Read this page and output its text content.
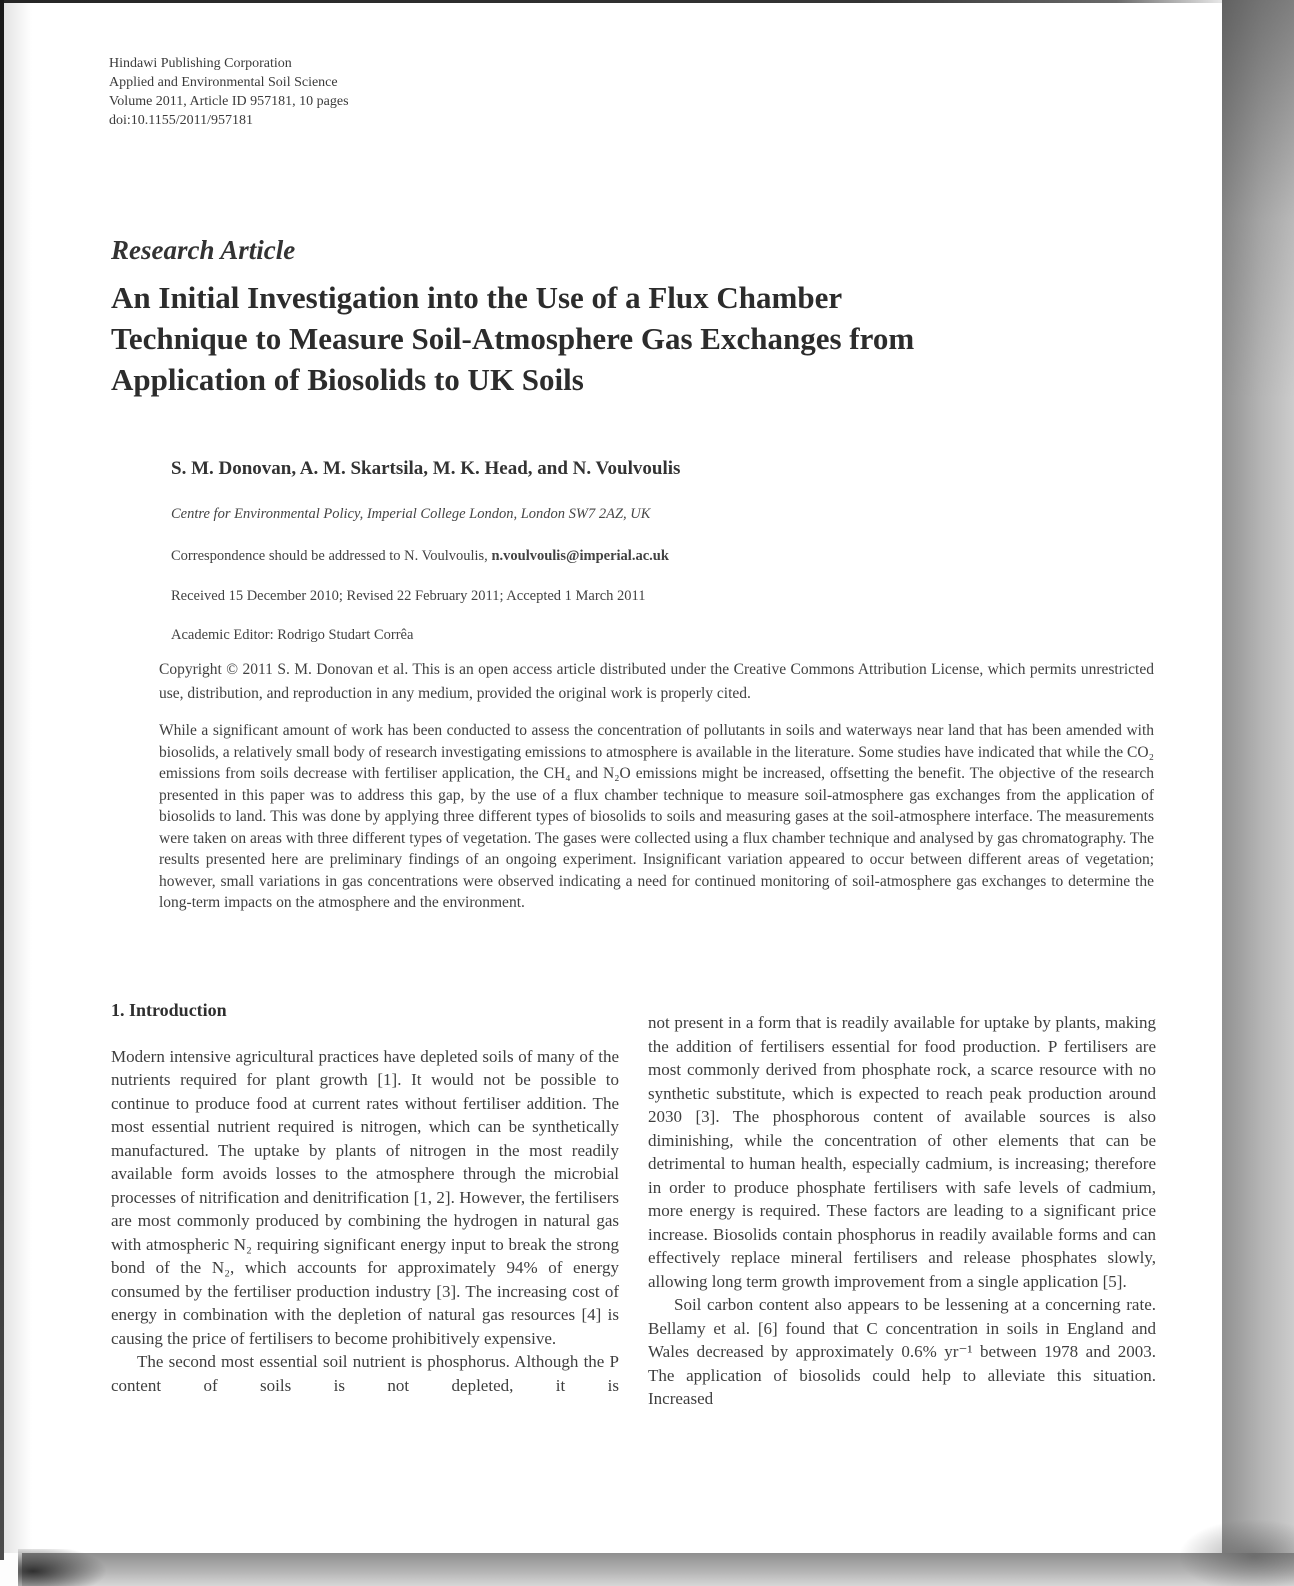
Hindawi Publishing Corporation
Applied and Environmental Soil Science
Volume 2011, Article ID 957181, 10 pages
doi:10.1155/2011/957181
Research Article
An Initial Investigation into the Use of a Flux Chamber
Technique to Measure Soil-Atmosphere Gas Exchanges from
Application of Biosolids to UK Soils
S. M. Donovan, A. M. Skartsila, M. K. Head, and N. Voulvoulis
Centre for Environmental Policy, Imperial College London, London SW7 2AZ, UK
Correspondence should be addressed to N. Voulvoulis, n.voulvoulis@imperial.ac.uk
Received 15 December 2010; Revised 22 February 2011; Accepted 1 March 2011
Academic Editor: Rodrigo Studart Corrêa
Copyright © 2011 S. M. Donovan et al. This is an open access article distributed under the Creative Commons Attribution License, which permits unrestricted use, distribution, and reproduction in any medium, provided the original work is properly cited.
While a significant amount of work has been conducted to assess the concentration of pollutants in soils and waterways near land that has been amended with biosolids, a relatively small body of research investigating emissions to atmosphere is available in the literature. Some studies have indicated that while the CO₂ emissions from soils decrease with fertiliser application, the CH₄ and N₂O emissions might be increased, offsetting the benefit. The objective of the research presented in this paper was to address this gap, by the use of a flux chamber technique to measure soil-atmosphere gas exchanges from the application of biosolids to land. This was done by applying three different types of biosolids to soils and measuring gases at the soil-atmosphere interface. The measurements were taken on areas with three different types of vegetation. The gases were collected using a flux chamber technique and analysed by gas chromatography. The results presented here are preliminary findings of an ongoing experiment. Insignificant variation appeared to occur between different areas of vegetation; however, small variations in gas concentrations were observed indicating a need for continued monitoring of soil-atmosphere gas exchanges to determine the long-term impacts on the atmosphere and the environment.
1. Introduction

Modern intensive agricultural practices have depleted soils of many of the nutrients required for plant growth [1]. It would not be possible to continue to produce food at current rates without fertiliser addition. The most essential nutrient required is nitrogen, which can be synthetically manufactured. The uptake by plants of nitrogen in the most readily available form avoids losses to the atmosphere through the microbial processes of nitrification and denitrification [1, 2]. However, the fertilisers are most commonly produced by combining the hydrogen in natural gas with atmospheric N₂ requiring significant energy input to break the strong bond of the N₂, which accounts for approximately 94% of energy consumed by the fertiliser production industry [3]. The increasing cost of energy in combination with the depletion of natural gas resources [4] is causing the price of fertilisers to become prohibitively expensive.

The second most essential soil nutrient is phosphorus. Although the P content of soils is not depleted, it is

not present in a form that is readily available for uptake by plants, making the addition of fertilisers essential for food production. P fertilisers are most commonly derived from phosphate rock, a scarce resource with no synthetic substitute, which is expected to reach peak production around 2030 [3]. The phosphorous content of available sources is also diminishing, while the concentration of other elements that can be detrimental to human health, especially cadmium, is increasing; therefore in order to produce phosphate fertilisers with safe levels of cadmium, more energy is required. These factors are leading to a significant price increase. Biosolids contain phosphorus in readily available forms and can effectively replace mineral fertilisers and release phosphates slowly, allowing long term growth improvement from a single application [5].

Soil carbon content also appears to be lessening at a concerning rate. Bellamy et al. [6] found that C concentration in soils in England and Wales decreased by approximately 0.6% yr⁻¹ between 1978 and 2003. The application of biosolids could help to alleviate this situation. Increased
